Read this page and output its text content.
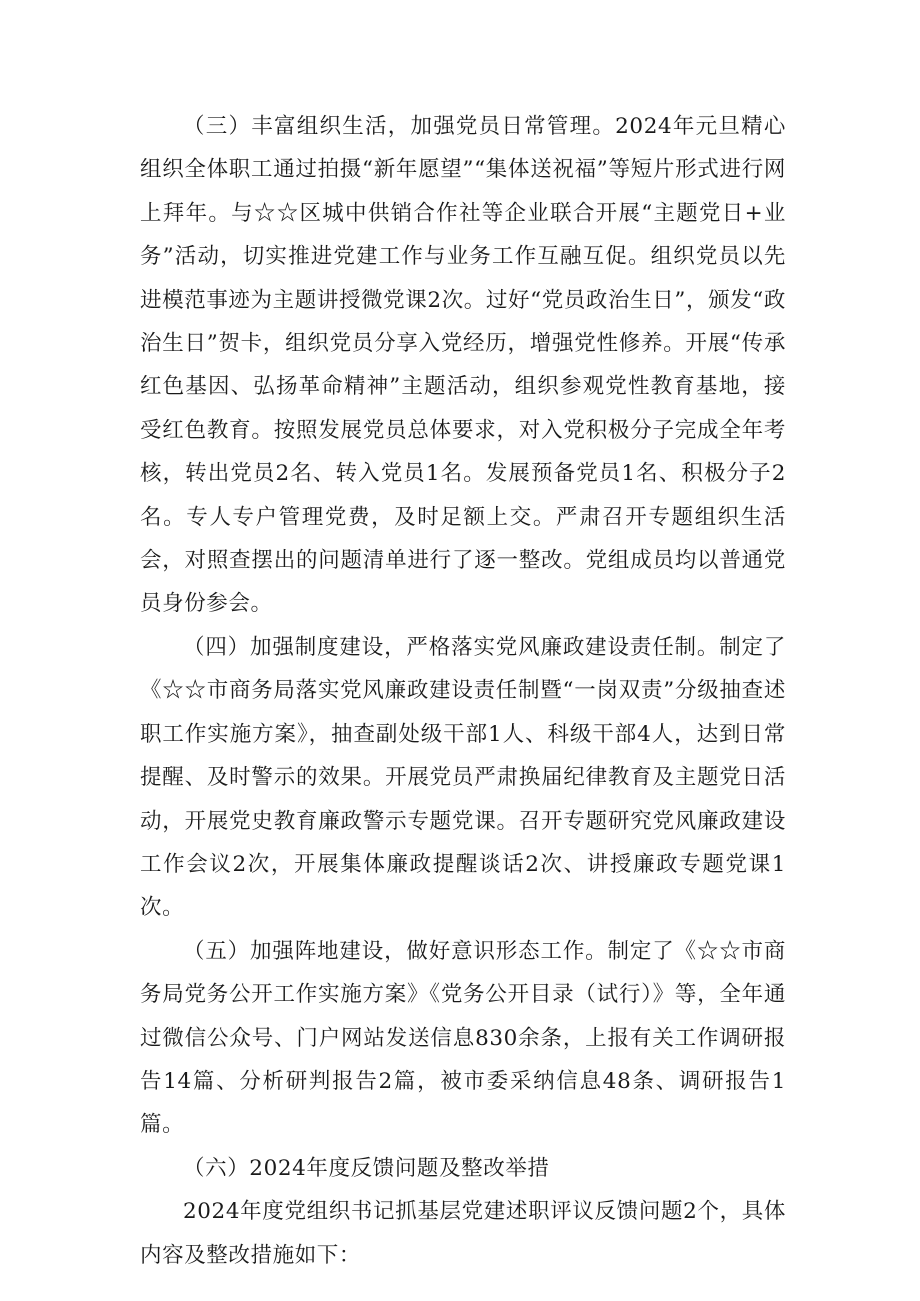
（三）丰富组织生活，加强党员日常管理。2024年元旦精心组织全体职工通过拍摄“新年愿望”“集体送祝福”等短片形式进行网上拜年。与☆☆区城中供销合作社等企业联合开展“主题党日+业务”活动，切实推进党建工作与业务工作互融互促。组织党员以先进模范事迹为主题讲授微党课2次。过好“党员政治生日”，颁发“政治生日”贺卡，组织党员分享入党经历，增强党性修养。开展“传承红色基因、弘扬革命精神”主题活动，组织参观党性教育基地，接受红色教育。按照发展党员总体要求，对入党积极分子完成全年考核，转出党员2名、转入党员1名。发展预备党员1名、积极分子2名。专人专户管理党费，及时足额上交。严肃召开专题组织生活会，对照查摆出的问题清单进行了逐一整改。党组成员均以普通党员身份参会。

（四）加强制度建设，严格落实党风廉政建设责任制。制定了《☆☆市商务局落实党风廉政建设责任制暨“一岗双责”分级抽查述职工作实施方案》，抽查副处级干部1人、科级干部4人，达到日常提醒、及时警示的效果。开展党员严肃换届纪律教育及主题党日活动，开展党史教育廉政警示专题党课。召开专题研究党风廉政建设工作会议2次，开展集体廉政提醒谈话2次、讲授廉政专题党课1次。

（五）加强阵地建设，做好意识形态工作。制定了《☆☆市商务局党务公开工作实施方案》《党务公开目录（试行）》等，全年通过微信公众号、门户网站发送信息830余条，上报有关工作调研报告14篇、分析研判报告2篇，被市委采纳信息48条、调研报告1篇。

（六）2024年度反馈问题及整改举措

2024年度党组织书记抓基层党建述职评议反馈问题2个，具体内容及整改措施如下：
